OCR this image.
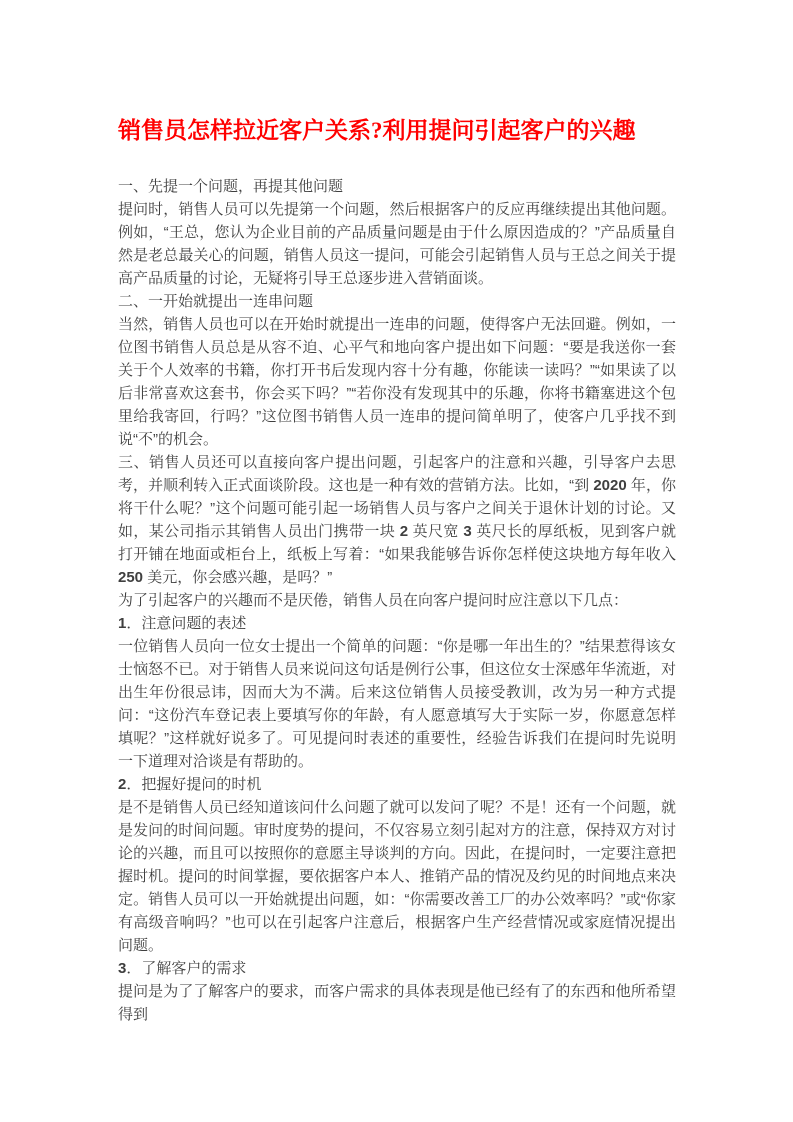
销售员怎样拉近客户关系?利用提问引起客户的兴趣

一、先提一个问题，再提其他问题

提问时，销售人员可以先提第一个问题，然后根据客户的反应再继续提出其他问题。例如，“王总，您认为企业目前的产品质量问题是由于什么原因造成的？”产品质量自然是老总最关心的问题，销售人员这一提问，可能会引起销售人员与王总之间关于提高产品质量的讨论，无疑将引导王总逐步进入营销面谈。

二、一开始就提出一连串问题

当然，销售人员也可以在开始时就提出一连串的问题，使得客户无法回避。例如，一位图书销售人员总是从容不迫、心平气和地向客户提出如下问题：“要是我送你一套关于个人效率的书籍，你打开书后发现内容十分有趣，你能读一读吗？”“如果读了以后非常喜欢这套书，你会买下吗？”“若你没有发现其中的乐趣，你将书籍塞进这个包里给我寄回，行吗？”这位图书销售人员一连串的提问简单明了，使客户几乎找不到说“不”的机会。

三、销售人员还可以直接向客户提出问题，引起客户的注意和兴趣，引导客户去思考，并顺利转入正式面谈阶段。这也是一种有效的营销方法。比如，“到 2020 年，你将干什么呢？”这个问题可能引起一场销售人员与客户之间关于退休计划的讨论。又如，某公司指示其销售人员出门携带一块 2 英尺宽 3 英尺长的厚纸板，见到客户就打开铺在地面或柜台上，纸板上写着：“如果我能够告诉你怎样使这块地方每年收入 250 美元，你会感兴趣，是吗？”

为了引起客户的兴趣而不是厌倦，销售人员在向客户提问时应注意以下几点：

1．注意问题的表述

一位销售人员向一位女士提出一个简单的问题：“你是哪一年出生的？”结果惹得该女士恼怒不已。对于销售人员来说问这句话是例行公事，但这位女士深感年华流逝，对出生年份很忌讳，因而大为不满。后来这位销售人员接受教训，改为另一种方式提问：“这份汽车登记表上要填写你的年龄，有人愿意填写大于实际一岁，你愿意怎样填呢？”这样就好说多了。可见提问时表述的重要性，经验告诉我们在提问时先说明一下道理对洽谈是有帮助的。

2．把握好提问的时机

是不是销售人员已经知道该问什么问题了就可以发问了呢？不是！还有一个问题，就是发问的时间问题。审时度势的提问，不仅容易立刻引起对方的注意，保持双方对讨论的兴趣，而且可以按照你的意愿主导谈判的方向。因此，在提问时，一定要注意把握时机。提问的时间掌握，要依据客户本人、推销产品的情况及约见的时间地点来决定。销售人员可以一开始就提出问题，如：“你需要改善工厂的办公效率吗？”或“你家有高级音响吗？”也可以在引起客户注意后，根据客户生产经营情况或家庭情况提出问题。

3．了解客户的需求

提问是为了了解客户的要求，而客户需求的具体表现是他已经有了的东西和他所希望得到
